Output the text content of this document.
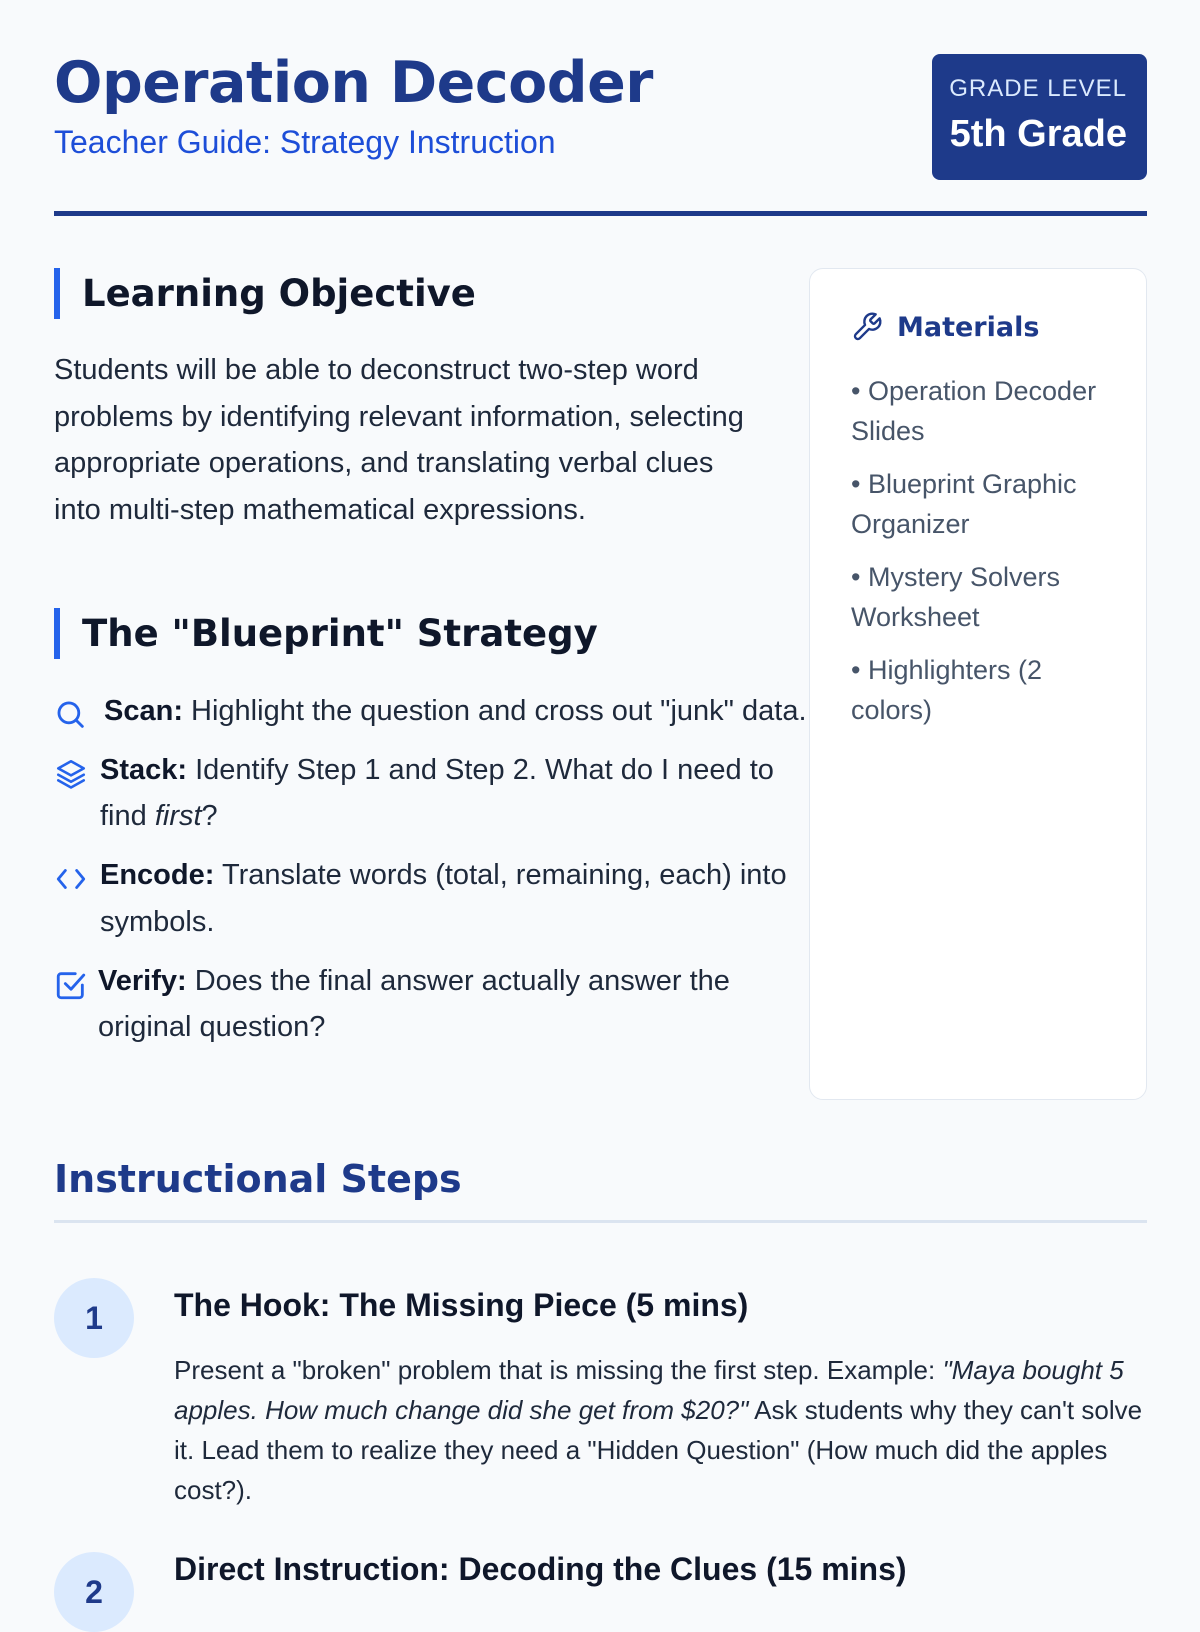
Operation Decoder

Teacher Guide: Strategy Instruction

GRADE LEVEL
5th Grade
Learning Objective

Students will be able to deconstruct two-step word problems by identifying relevant information, selecting appropriate operations, and translating verbal clues into multi-step mathematical expressions.

The "Blueprint" Strategy
Scan: Highlight the question and cross out "junk" data.
Stack: Identify Step 1 and Step 2. What do I need to find first?
Encode: Translate words (total, remaining, each) into symbols.
Verify: Does the final answer actually answer the original question?
Materials
• Operation Decoder Slides
• Blueprint Graphic Organizer
• Mystery Solvers Worksheet
• Highlighters (2 colors)
Instructional Steps
1	The Hook: The Missing Piece (5 mins)

Present a "broken" problem that is missing the first step. Example: "Maya bought 5 apples. How much change did she get from $20?" Ask students why they can't solve it. Lead them to realize they need a "Hidden Question" (How much did the apples cost?).

2
Direct Instruction: Decoding the Clues (15 mins)
